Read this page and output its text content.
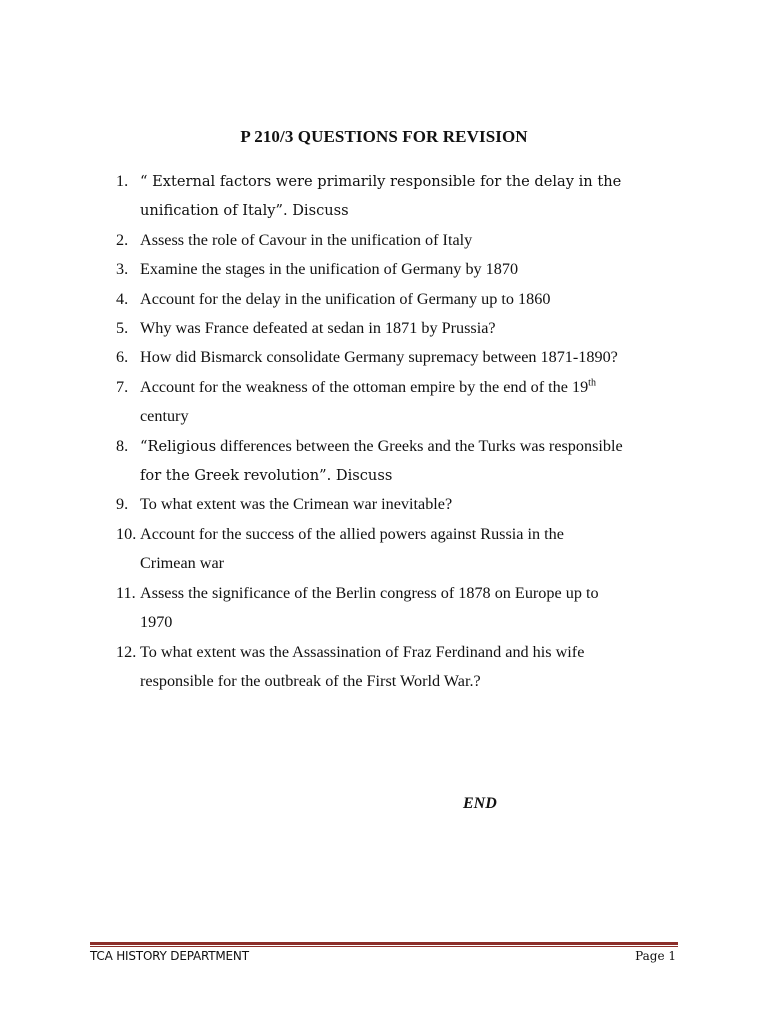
P 210/3 QUESTIONS FOR REVISION
1. “ External factors were primarily responsible for the delay in the
unification of Italy”. Discuss
2. Assess the role of Cavour in the unification of Italy
3. Examine the stages in the unification of Germany by 1870
4. Account for the delay in the unification of Germany up to 1860
5. Why was France defeated at sedan in 1871 by Prussia?
6. How did Bismarck consolidate Germany supremacy between 1871-1890?
7. Account for the weakness of the ottoman empire by the end of the 19th
century
8. “Religious differences between the Greeks and the Turks was responsible
for the Greek revolution”. Discuss
9. To what extent was the Crimean war inevitable?
10. Account for the success of the allied powers against Russia in the
Crimean war
11. Assess the significance of the Berlin congress of 1878 on Europe up to
1970
12. To what extent was the Assassination of Fraz Ferdinand and his wife
responsible for the outbreak of the First World War.?
END
TCA HISTORY DEPARTMENT	Page 1
